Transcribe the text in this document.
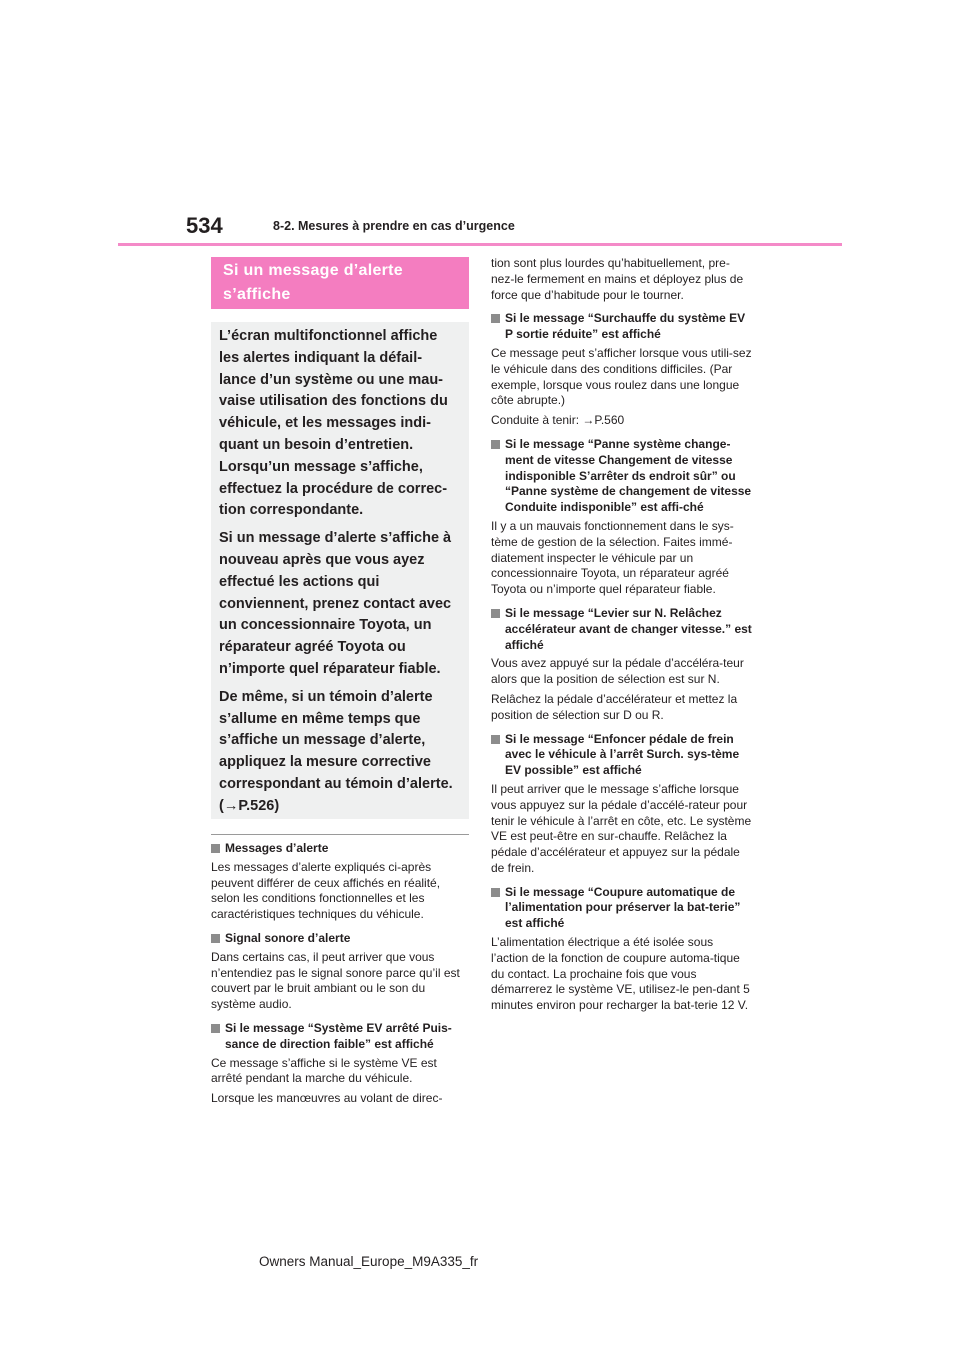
534	8-2. Mesures à prendre en cas d’urgence
Si un message d’alerte
s’affiche

L’écran multifonctionnel affiche les alertes indiquant la défail-lance d’un système ou une mau-vaise utilisation des fonctions du véhicule, et les messages indi-quant un besoin d’entretien. Lorsqu’un message s’affiche, effectuez la procédure de correc-tion correspondante.

Si un message d’alerte s’affiche à nouveau après que vous ayez effectué les actions qui conviennent, prenez contact avec un concessionnaire Toyota, un réparateur agréé Toyota ou n’importe quel réparateur fiable.

De même, si un témoin d’alerte s’allume en même temps que s’affiche un message d’alerte, appliquez la mesure corrective correspondant au témoin d’alerte.
(→P.526)

Messages d’alerte
Les messages d’alerte expliqués ci-après peuvent différer de ceux affichés en réalité, selon les conditions fonctionnelles et les caractéristiques techniques du véhicule.
Signal sonore d’alerte
Dans certains cas, il peut arriver que vous n’entendiez pas le signal sonore parce qu’il est couvert par le bruit ambiant ou le son du système audio.
Si le message “Système EV arrêté Puis-sance de direction faible” est affiché
Ce message s’affiche si le système VE est arrêté pendant la marche du véhicule.
Lorsque les manœuvres au volant de direc-
tion sont plus lourdes qu’habituellement, pre-nez-le fermement en mains et déployez plus de force que d’habitude pour le tourner.
Si le message “Surchauffe du système EV P sortie réduite” est affiché
Ce message peut s’afficher lorsque vous utili-sez le véhicule dans des conditions difficiles. (Par exemple, lorsque vous roulez dans une longue côte abrupte.)
Conduite à tenir: →P.560
Si le message “Panne système change-ment de vitesse Changement de vitesse indisponible S’arrêter ds endroit sûr” ou “Panne système de changement de vitesse Conduite indisponible” est affi-ché
Il y a un mauvais fonctionnement dans le sys-tème de gestion de la sélection. Faites immé-diatement inspecter le véhicule par un concessionnaire Toyota, un réparateur agréé Toyota ou n’importe quel réparateur fiable.
Si le message “Levier sur N. Relâchez accélérateur avant de changer vitesse.” est affiché
Vous avez appuyé sur la pédale d’accéléra-teur alors que la position de sélection est sur N.
Relâchez la pédale d’accélérateur et mettez la position de sélection sur D ou R.
Si le message “Enfoncer pédale de frein avec le véhicule à l’arrêt Surch. sys-tème EV possible” est affiché
Il peut arriver que le message s’affiche lorsque vous appuyez sur la pédale d’accélé-rateur pour tenir le véhicule à l’arrêt en côte, etc. Le système VE est peut-être en sur-chauffe. Relâchez la pédale d’accélérateur et appuyez sur la pédale de frein.
Si le message “Coupure automatique de l’alimentation pour préserver la bat-terie” est affiché
L’alimentation électrique a été isolée sous l’action de la fonction de coupure automa-tique du contact. La prochaine fois que vous démarrerez le système VE, utilisez-le pen-dant 5 minutes environ pour recharger la bat-terie 12 V.
Owners Manual_Europe_M9A335_fr
